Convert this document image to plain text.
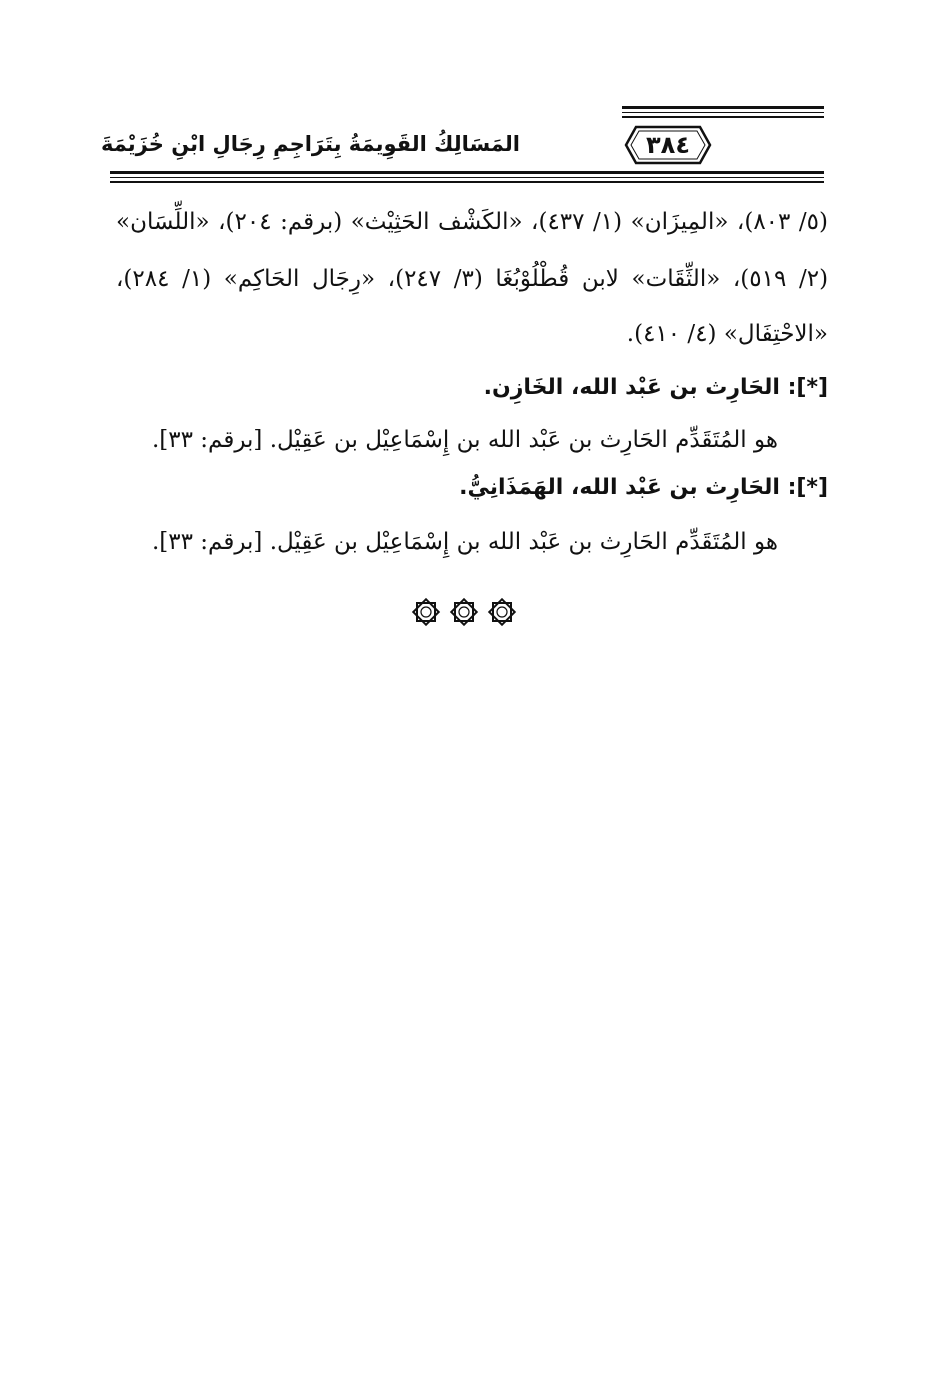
٣٨٤
المَسَالِكُ القَوِيمَةُ بِتَرَاجِمِ رِجَالِ ابْنِ خُزَيْمَةَ
(٥/ ٨٠٣)، «المِيزَان» (١/ ٤٣٧)، «الكَشْف الحَثِيْث» (برقم: ٢٠٤)، «اللِّسَان»
(٢/ ٥١٩)، «الثِّقَات» لابن قُطْلُوْبُغَا (٣/ ٢٤٧)، «رِجَال الحَاكِم» (١/ ٢٨٤)،
«الاحْتِفَال» (٤/ ٤١٠).
[*]: الحَارِث بن عَبْد الله، الخَازِن.
هو المُتَقَدِّم الحَارِث بن عَبْد الله بن إِسْمَاعِيْل بن عَقِيْل. [برقم: ٣٣].
[*]: الحَارِث بن عَبْد الله، الهَمَذَانِيُّ.
هو المُتَقَدِّم الحَارِث بن عَبْد الله بن إِسْمَاعِيْل بن عَقِيْل. [برقم: ٣٣].
